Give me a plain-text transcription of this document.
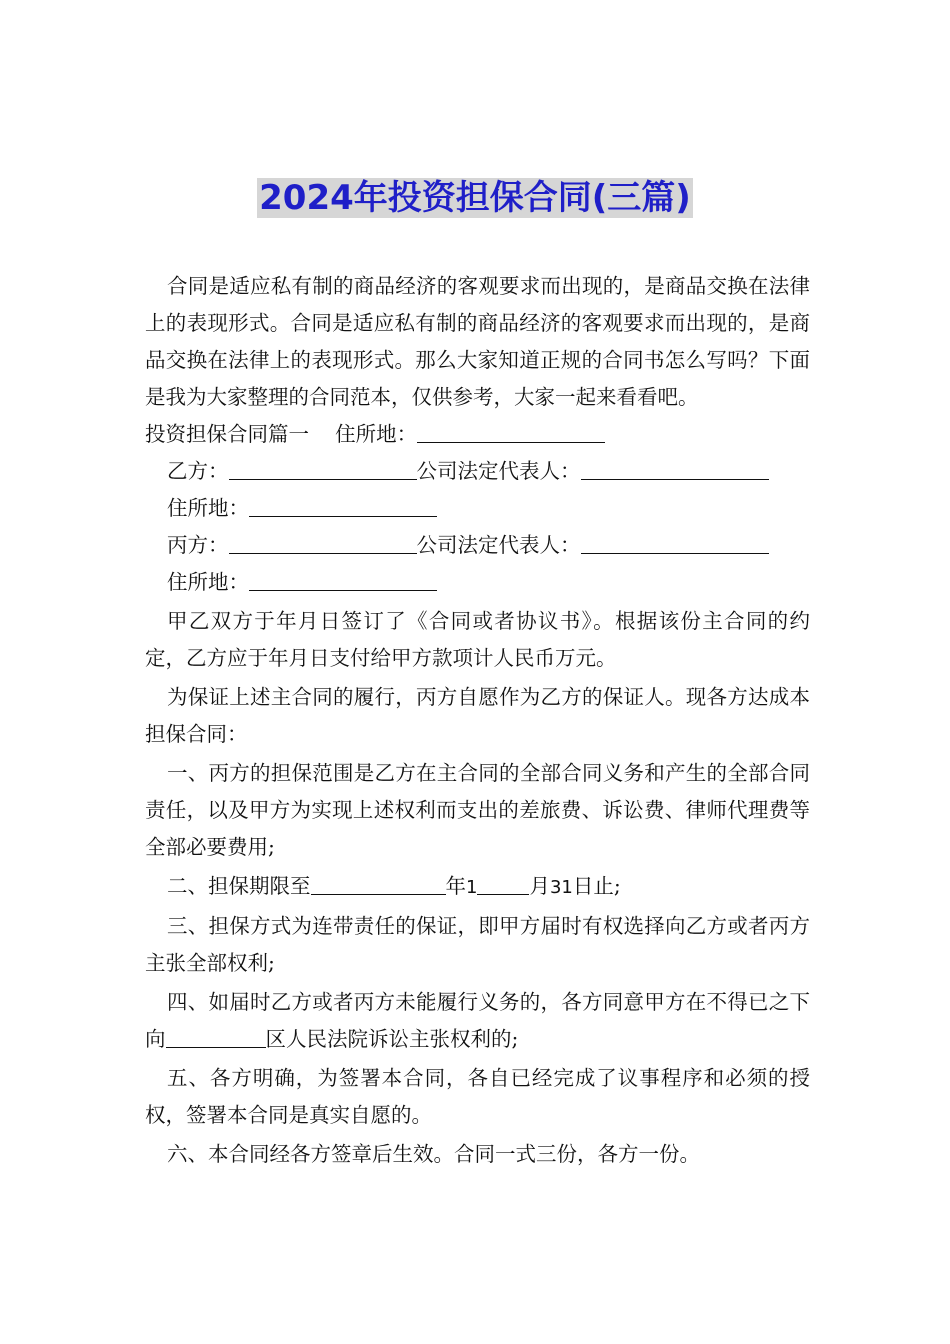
2024年投资担保合同(三篇)

合同是适应私有制的商品经济的客观要求而出现的，是商品交换在法律上的表现形式。合同是适应私有制的商品经济的客观要求而出现的，是商品交换在法律上的表现形式。那么大家知道正规的合同书怎么写吗？下面是我为大家整理的合同范本，仅供参考，大家一起来看看吧。

投资担保合同篇一 住所地：

乙方：	公司法定代表人：

住所地：

丙方：	公司法定代表人：

住所地：

甲乙双方于年月日签订了《合同或者协议书》。根据该份主合同的约定，乙方应于年月日支付给甲方款项计人民币万元。

为保证上述主合同的履行，丙方自愿作为乙方的保证人。现各方达成本担保合同：

一、丙方的担保范围是乙方在主合同的全部合同义务和产生的全部合同责任，以及甲方为实现上述权利而支出的差旅费、诉讼费、律师代理费等全部必要费用;

二、担保期限至	年1	月31日止;

三、担保方式为连带责任的保证，即甲方届时有权选择向乙方或者丙方主张全部权利;

四、如届时乙方或者丙方未能履行义务的，各方同意甲方在不得已之下向	区人民法院诉讼主张权利的;

五、各方明确，为签署本合同，各自已经完成了议事程序和必须的授权，签署本合同是真实自愿的。

六、本合同经各方签章后生效。合同一式三份，各方一份。
